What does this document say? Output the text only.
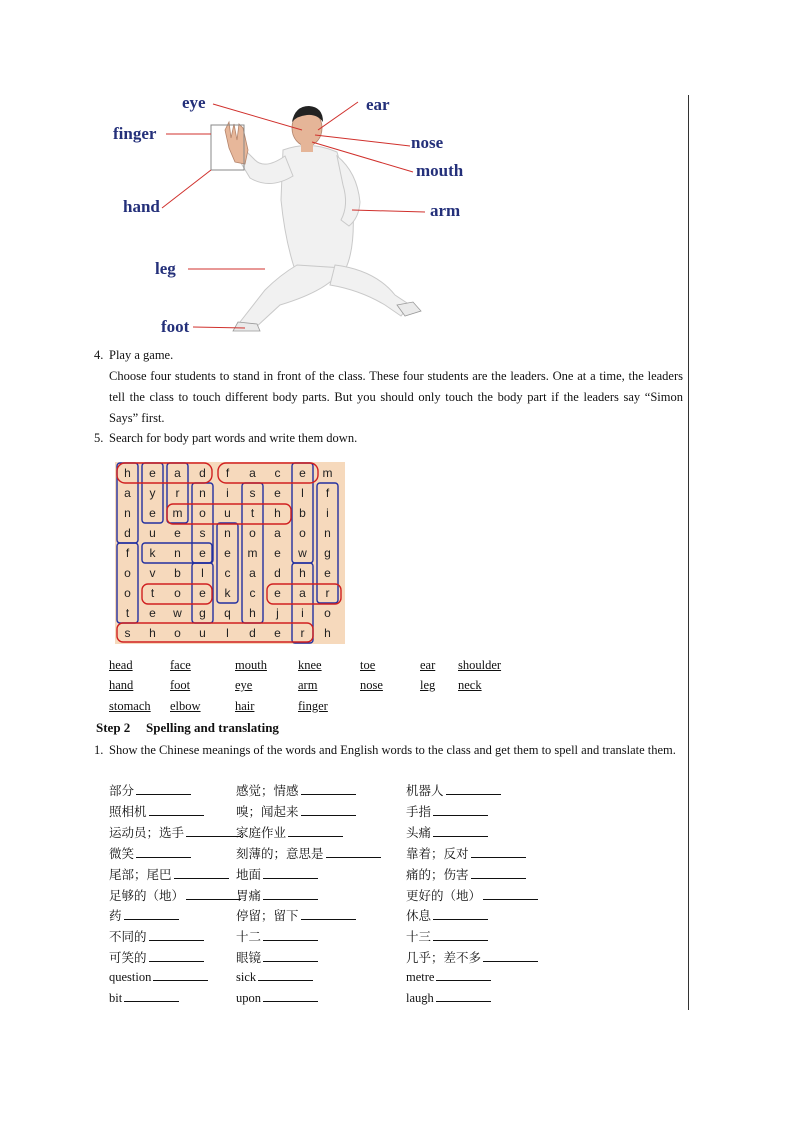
eye	ear
finger	nose
mouth
hand	arm
leg
foot
4. Play a game.
Choose four students to stand in front of the class. These four students are the leaders. One at a time, the leaders tell the class to touch different body parts. But you should only touch the body part if the leaders say “Simon Says” first.
5. Search for body part words and write them down.
h	e	a	d	f	a	c	e	m
a	y	r	n	i	s	e	l	f
n	e	m	o	u	t	h	b	i
d	u	e	s	n	o	a	o	n
f	k	n	e	e	m	e	w	g
o	v	b	l	c	a	d	h	e
o	t	o	e	k	c	e	a	r
t	e	w	g	q	h	j	i	o
s	h	o	u	l	d	e	r	h
head	face	mouth knee	toe	ear shoulder
hand	foot	eye	arm	nose	leg neck
stomach elbow	hair	finger
Step 2 Spelling and translating
1. Show the Chinese meanings of the words and English words to the class and get them to spell and translate them.
部分	感觉；情感	机器人
照相机	嗅；闻起来	手指
运动员；选手	家庭作业	头痛
微笑	刻薄的；意思是	靠着；反对
尾部；尾巴	地面	痛的；伤害
足够的（地）	胃痛	更好的（地）
药	停留；留下	休息
不同的	十二	十三
可笑的	眼镜	几乎；差不多
question	sick	metre
bit	upon	laugh
